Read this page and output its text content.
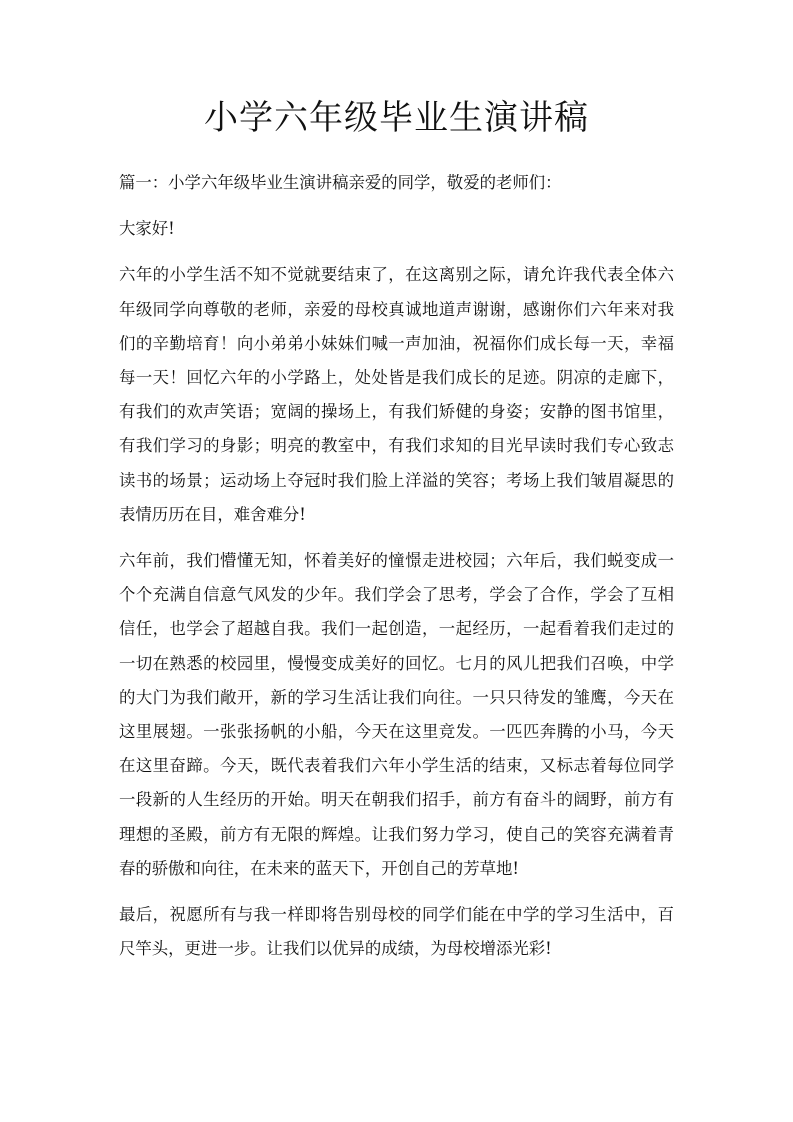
小学六年级毕业生演讲稿

篇一：小学六年级毕业生演讲稿亲爱的同学，敬爱的老师们：

大家好!

六年的小学生活不知不觉就要结束了，在这离别之际，请允许我代表全体六年级同学向尊敬的老师，亲爱的母校真诚地道声谢谢，感谢你们六年来对我们的辛勤培育！向小弟弟小妹妹们喊一声加油，祝福你们成长每一天，幸福每一天！回忆六年的小学路上，处处皆是我们成长的足迹。阴凉的走廊下，有我们的欢声笑语；宽阔的操场上，有我们矫健的身姿；安静的图书馆里，有我们学习的身影；明亮的教室中，有我们求知的目光早读时我们专心致志读书的场景；运动场上夺冠时我们脸上洋溢的笑容；考场上我们皱眉凝思的表情历历在目，难舍难分!

六年前，我们懵懂无知，怀着美好的憧憬走进校园；六年后，我们蜕变成一个个充满自信意气风发的少年。我们学会了思考，学会了合作，学会了互相信任，也学会了超越自我。我们一起创造，一起经历，一起看着我们走过的一切在熟悉的校园里，慢慢变成美好的回忆。七月的风儿把我们召唤，中学的大门为我们敞开，新的学习生活让我们向往。一只只待发的雏鹰，今天在这里展翅。一张张扬帆的小船，今天在这里竞发。一匹匹奔腾的小马，今天在这里奋蹄。今天，既代表着我们六年小学生活的结束，又标志着每位同学一段新的人生经历的开始。明天在朝我们招手，前方有奋斗的阔野，前方有理想的圣殿，前方有无限的辉煌。让我们努力学习，使自己的笑容充满着青春的骄傲和向往，在未来的蓝天下，开创自己的芳草地!

最后，祝愿所有与我一样即将告别母校的同学们能在中学的学习生活中，百尺竿头，更进一步。让我们以优异的成绩，为母校增添光彩!
